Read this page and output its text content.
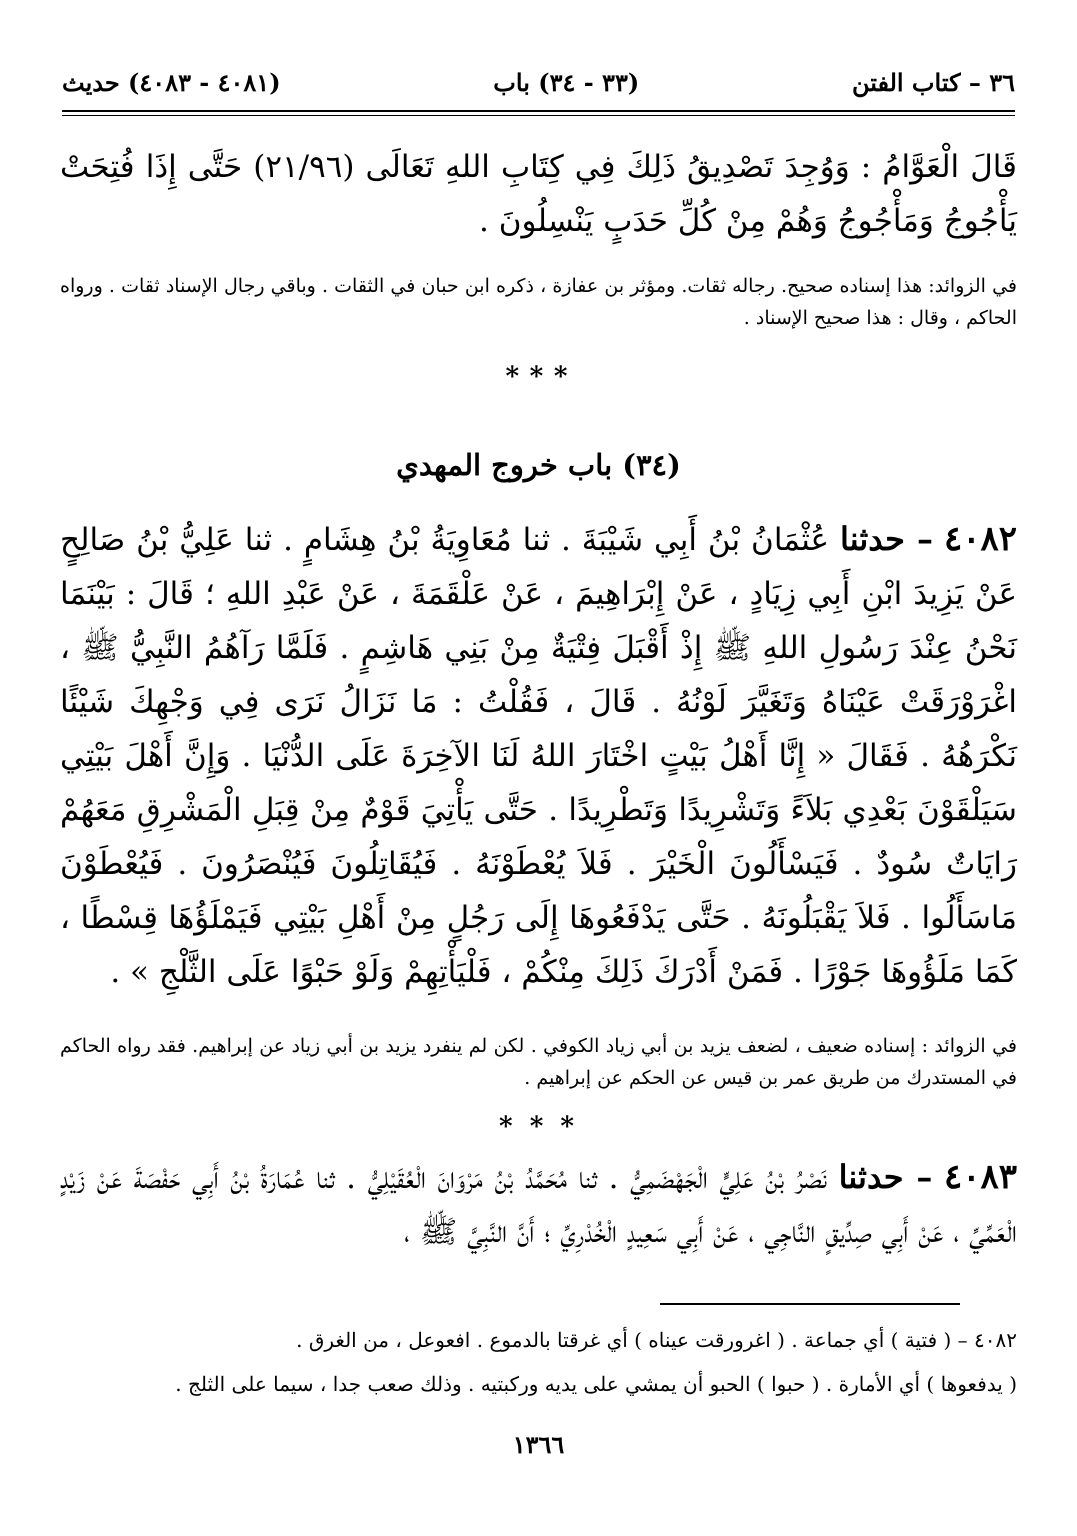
٣٦ – كتاب الفتن
(٣٣ - ٣٤) باب
(٤٠٨١ - ٤٠٨٣) حديث
قَالَ الْعَوَّامُ : وَوُجِدَ تَصْدِيقُ ذَلِكَ فِي كِتَابِ اللهِ تَعَالَى (٢١/٩٦) حَتَّى إِذَا فُتِحَتْ يَأْجُوجُ وَمَأْجُوجُ وَهُمْ مِنْ كُلِّ حَدَبٍ يَنْسِلُونَ .
في الزوائد: هذا إسناده صحيح. رجاله ثقات. ومؤثر بن عفازة ، ذكره ابن حبان في الثقات . وباقي رجال الإسناد ثقات . ورواه الحاكم ، وقال : هذا صحيح الإسناد .
* * *
(٣٤) باب خروج المهدي
٤٠٨٢ – حدثنا عُثْمَانُ بْنُ أَبِي شَيْبَةَ . ثنا مُعَاوِيَةُ بْنُ هِشَامٍ . ثنا عَلِيُّ بْنُ صَالِحٍ عَنْ يَزِيدَ ابْنِ أَبِي زِيَادٍ ، عَنْ إِبْرَاهِيمَ ، عَنْ عَلْقَمَةَ ، عَنْ عَبْدِ اللهِ ؛ قَالَ : بَيْنَمَا نَحْنُ عِنْدَ رَسُولِ اللهِ ﷺ إِذْ أَقْبَلَ فِتْيَةٌ مِنْ بَنِي هَاشِمٍ . فَلَمَّا رَآهُمُ النَّبِيُّ ﷺ ، اغْرَوْرَقَتْ عَيْنَاهُ وَتَغَيَّرَ لَوْنُهُ . قَالَ ، فَقُلْتُ : مَا نَزَالُ نَرَى فِي وَجْهِكَ شَيْئًا نَكْرَهُهُ . فَقَالَ « إِنَّا أَهْلُ بَيْتٍ اخْتَارَ اللهُ لَنَا الآخِرَةَ عَلَى الدُّنْيَا . وَإِنَّ أَهْلَ بَيْتِي سَيَلْقَوْنَ بَعْدِي بَلاَءً وَتَشْرِيدًا وَتَطْرِيدًا . حَتَّى يَأْتِيَ قَوْمٌ مِنْ قِبَلِ الْمَشْرِقِ مَعَهُمْ رَايَاتٌ سُودٌ . فَيَسْأَلُونَ الْخَيْرَ . فَلاَ يُعْطَوْنَهُ . فَيُقَاتِلُونَ فَيُنْصَرُونَ . فَيُعْطَوْنَ مَاسَأَلُوا . فَلاَ يَقْبَلُونَهُ . حَتَّى يَدْفَعُوهَا إِلَى رَجُلٍ مِنْ أَهْلِ بَيْتِي فَيَمْلَؤُهَا قِسْطًا ، كَمَا مَلَؤُوهَا جَوْرًا . فَمَنْ أَدْرَكَ ذَلِكَ مِنْكُمْ ، فَلْيَأْتِهِمْ وَلَوْ حَبْوًا عَلَى الثَّلْجِ » .
في الزوائد : إسناده ضعيف ، لضعف يزيد بن أبي زياد الكوفي . لكن لم ينفرد يزيد بن أبي زياد عن إبراهيم. فقد رواه الحاكم في المستدرك من طريق عمر بن قيس عن الحكم عن إبراهيم .
* * *
٤٠٨٣ – حدثنا نَصْرُ بْنُ عَلِيٍّ الْجَهْضَمِيُّ . ثنا مُحَمَّدُ بْنُ مَرْوَانَ الْعُقَيْلِيُّ . ثنا عُمَارَةُ بْنُ أَبِي حَفْصَةَ عَنْ زَيْدٍ الْعَمِّيِّ ، عَنْ أَبِي صِدِّيقٍ النَّاجِي ، عَنْ أَبِي سَعِيدٍ الْخُدْرِيِّ ؛ أَنَّ النَّبِيَّ ﷺ ،
٤٠٨٢ – ( فتية ) أي جماعة . ( اغرورقت عيناه ) أي غرقتا بالدموع . افعوعل ، من الغرق .
( يدفعوها ) أي الأمارة . ( حبوا ) الحبو أن يمشي على يديه وركبتيه . وذلك صعب جدا ، سيما على الثلج .
١٣٦٦
